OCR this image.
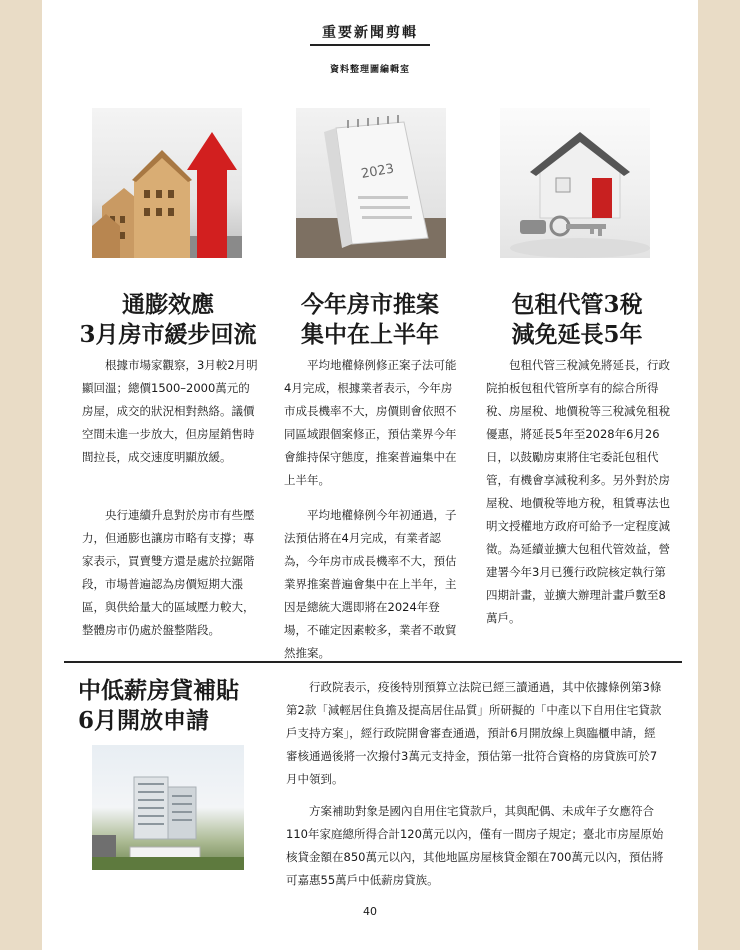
重要新聞剪輯
資料整理圖編輯室
2023
通膨效應
3月房市緩步回流

根據市場家觀察，3月較2月明顯回溫；總價1500–2000萬元的房屋，成交的狀況相對熱絡。議價空間未進一步放大，但房屋銷售時間拉長，成交速度明顯放緩。

央行連續升息對於房市有些壓力，但通膨也讓房市略有支撐；專家表示，買賣雙方還是處於拉鋸階段，市場普遍認為房價短期大漲區，與供給量大的區域壓力較大，整體房市仍處於盤整階段。

今年房市推案
集中在上半年

平均地權條例修正案子法可能4月完成，根據業者表示，今年房市成長機率不大，房價則會依照不同區域跟個案修正，預估業界今年會維持保守態度，推案普遍集中在上半年。

平均地權條例今年初通過，子法預估將在4月完成，有業者認為，今年房市成長機率不大，預估業界推案普遍會集中在上半年，主因是總統大選即將在2024年登場，不確定因素較多，業者不敢貿然推案。

包租代管3稅
減免延長5年

包租代管三稅減免將延長，行政院拍板包租代管所享有的綜合所得稅、房屋稅、地價稅等三稅減免租稅優惠，將延長5年至2028年6月26日，以鼓勵房東將住宅委託包租代管，有機會享減稅利多。另外對於房屋稅、地價稅等地方稅，租賃專法也明文授權地方政府可給予一定程度減徵。為延續並擴大包租代管效益，營建署今年3月已獲行政院核定執行第四期計畫，並擴大辦理計畫戶數至8萬戶。

中低薪房貸補貼
6月開放申請

行政院表示，疫後特別預算立法院已經三讀通過，其中依據條例第3條第2款「減輕居住負擔及提高居住品質」所研擬的「中產以下自用住宅貸款戶支持方案」，經行政院開會審查通過，預計6月開放線上與臨櫃申請，經審核通過後將一次撥付3萬元支持金，預估第一批符合資格的房貸族可於7月中領到。

方案補助對象是國內自用住宅貸款戶，其與配偶、未成年子女應符合　110年家庭總所得合計120萬元以內，僅有一間房子規定；臺北市房屋原始核貸金額在850萬元以內，其他地區房屋核貸金額在700萬元以內，預估將可嘉惠55萬戶中低薪房貸族。

40
